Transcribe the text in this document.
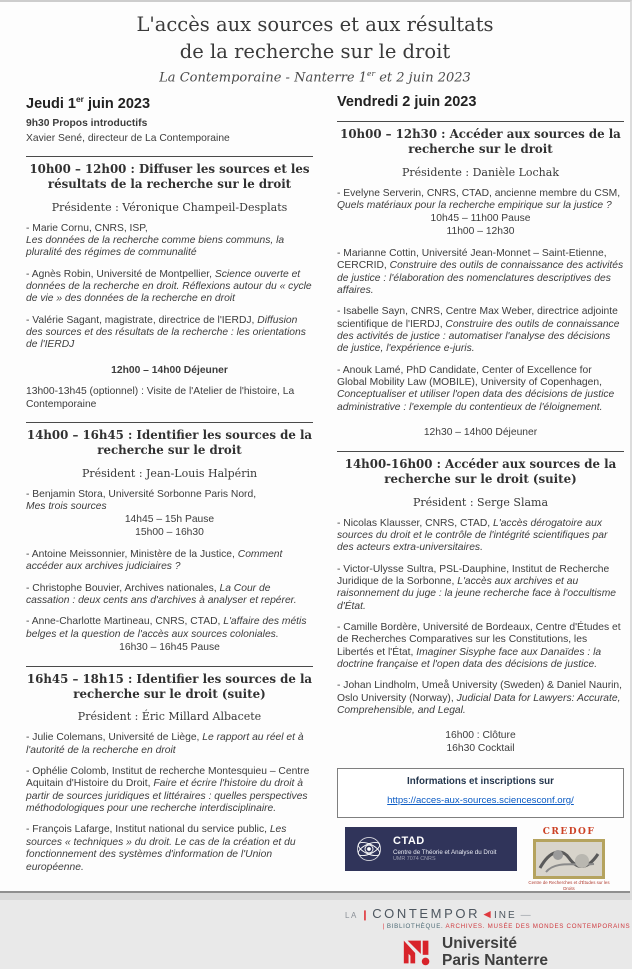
L'accès aux sources et aux résultats
de la recherche sur le droit
La Contemporaine - Nanterre 1er et 2 juin 2023
Jeudi 1er juin 2023
9h30 Propos introductifs
Xavier Sené, directeur de La Contemporaine
10h00 – 12h00 : Diffuser les sources et les résultats de la recherche sur le droit
Présidente : Véronique Champeil-Desplats
- Marie Cornu, CNRS, ISP,
Les données de la recherche comme biens communs, la pluralité des régimes de communalité
- Agnès Robin, Université de Montpellier, Science ouverte et données de la recherche en droit. Réflexions autour du « cycle de vie » des données de la recherche en droit
- Valérie Sagant, magistrate, directrice de l'IERDJ, Diffusion des sources et des résultats de la recherche : les orientations de l'IERDJ
12h00 – 14h00 Déjeuner
13h00-13h45 (optionnel) : Visite de l'Atelier de l'histoire, La Contemporaine
14h00 – 16h45 : Identifier les sources de la recherche sur le droit
Président : Jean-Louis Halpérin
- Benjamin Stora, Université Sorbonne Paris Nord,
Mes trois sources
14h45 – 15h Pause
15h00 – 16h30
- Antoine Meissonnier, Ministère de la Justice, Comment accéder aux archives judiciaires ?
- Christophe Bouvier, Archives nationales, La Cour de cassation : deux cents ans d'archives à analyser et repérer.
- Anne-Charlotte Martineau, CNRS, CTAD, L'affaire des métis belges et la question de l'accès aux sources coloniales.
16h30 – 16h45 Pause
16h45 – 18h15 : Identifier les sources de la recherche sur le droit (suite)
Président : Éric Millard Albacete
- Julie Colemans, Université de Liège, Le rapport au réel et à l'autorité de la recherche en droit
- Ophélie Colomb, Institut de recherche Montesquieu – Centre Aquitain d'Histoire du Droit, Faire et écrire l'histoire du droit à partir de sources juridiques et littéraires : quelles perspectives méthodologiques pour une recherche interdisciplinaire.
- François Lafarge, Institut national du service public, Les sources « techniques » du droit. Le cas de la création et du fonctionnement des systèmes d'information de l'Union européenne.
Vendredi 2 juin 2023
10h00 – 12h30 : Accéder aux sources de la recherche sur le droit
Présidente : Danièle Lochak
- Evelyne Serverin, CNRS, CTAD, ancienne membre du CSM, Quels matériaux pour la recherche empirique sur la justice ?
10h45 – 11h00 Pause
11h00 – 12h30
- Marianne Cottin, Université Jean-Monnet – Saint-Etienne, CERCRID, Construire des outils de connaissance des activités de justice : l'élaboration des nomenclatures descriptives des affaires.
- Isabelle Sayn, CNRS, Centre Max Weber, directrice adjointe scientifique de l'IERDJ, Construire des outils de connaissance des activités de justice : automatiser l'analyse des décisions de justice, l'expérience e-juris.
- Anouk Lamé, PhD Candidate, Center of Excellence for Global Mobility Law (MOBILE), University of Copenhagen, Conceptualiser et utiliser l'open data des décisions de justice administrative : l'exemple du contentieux de l'éloignement.
12h30 – 14h00 Déjeuner
14h00-16h00 : Accéder aux sources de la recherche sur le droit (suite)
Président : Serge Slama
- Nicolas Klausser, CNRS, CTAD, L'accès dérogatoire aux sources du droit et le contrôle de l'intégrité scientifiques par des acteurs extra-universitaires.
- Victor-Ulysse Sultra, PSL-Dauphine, Institut de Recherche Juridique de la Sorbonne, L'accès aux archives et au raisonnement du juge : la jeune recherche face à l'occultisme d'État.
- Camille Bordère, Université de Bordeaux, Centre d'Études et de Recherches Comparatives sur les Constitutions, les Libertés et l'État, Imaginer Sisyphe face aux Danaïdes : la doctrine française et l'open data des décisions de justice.
- Johan Lindholm, Umeå University (Sweden) & Daniel Naurin, Oslo University (Norway), Judicial Data for Lawyers: Accurate, Comprehensible, and Legal.
16h00 : Clôture
16h30 Cocktail
Informations et inscriptions sur
https://acces-aux-sources.sciencesconf.org/
CTAD
Centre de Théorie et Analyse du Droit
UMR 7074 CNRS
CREDOF
Centre de Recherches et d'Études sur les Droits
LA ❙ CONTEMPOR ◄ INE —
❘BIBLIOTHÈQUE. ARCHIVES. MUSÉE DES MONDES CONTEMPORAINS
Université
Paris Nanterre
